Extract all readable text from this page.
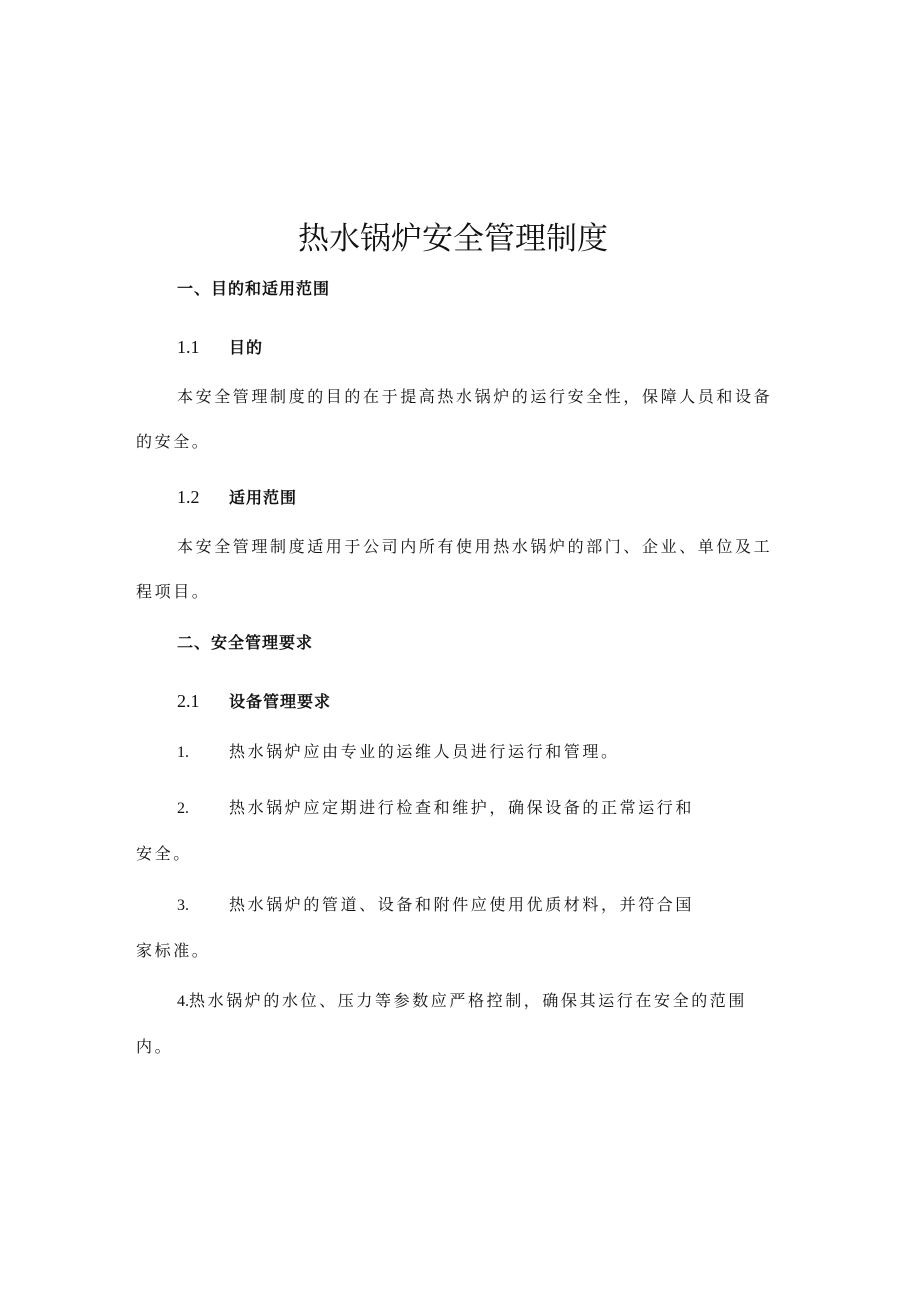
热水锅炉安全管理制度
一、目的和适用范围
1.1 目的

本安全管理制度的目的在于提高热水锅炉的运行安全性，保障人员和设备的安全。

1.2 适用范围

本安全管理制度适用于公司内所有使用热水锅炉的部门、企业、单位及工程项目。

二、安全管理要求
2.1 设备管理要求
1.	热水锅炉应由专业的运维人员进行运行和管理。
2.	热水锅炉应定期进行检查和维护，确保设备的正常运行和
安全。
3.	热水锅炉的管道、设备和附件应使用优质材料，并符合国
家标准。
4.热水锅炉的水位、压力等参数应严格控制，确保其运行在安全的范围
内。
